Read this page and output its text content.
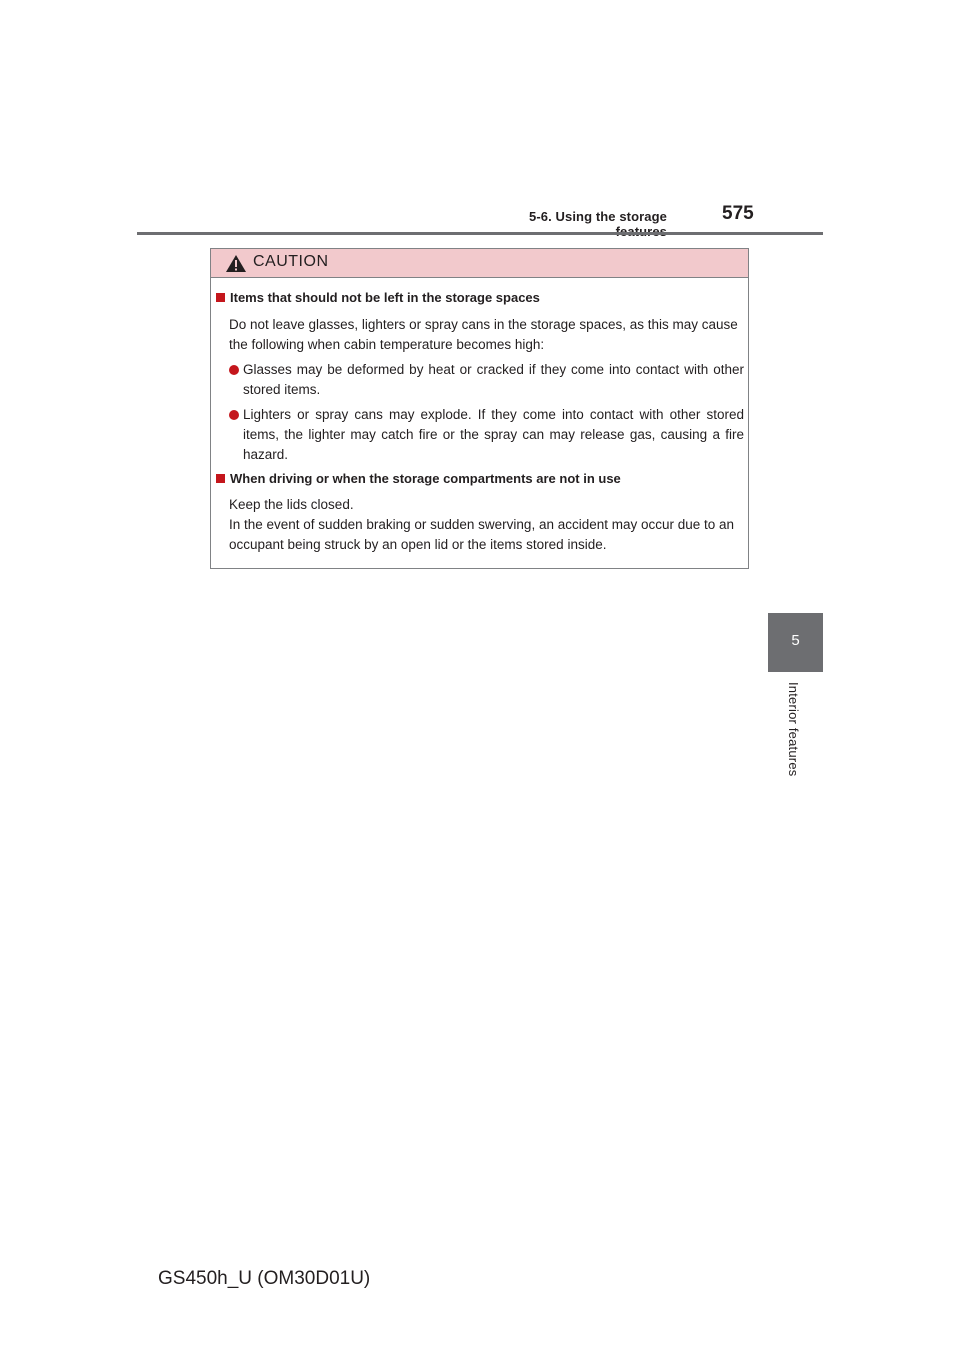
5-6. Using the storage	575
5
Interior features
CAUTION
Items that should not be left in the storage spaces
Do not leave glasses, lighters or spray cans in the storage spaces, as this may cause the following when cabin temperature becomes high:
Glasses may be deformed by heat or cracked if they come into contact with other stored items.
Lighters or spray cans may explode. If they come into contact with other stored items, the lighter may catch fire or the spray can may release gas, causing a fire hazard.
When driving or when the storage compartments are not in use
Keep the lids closed.
In the event of sudden braking or sudden swerving, an accident may occur due to an occupant being struck by an open lid or the items stored inside.
GS450h_U (OM30D01U)
